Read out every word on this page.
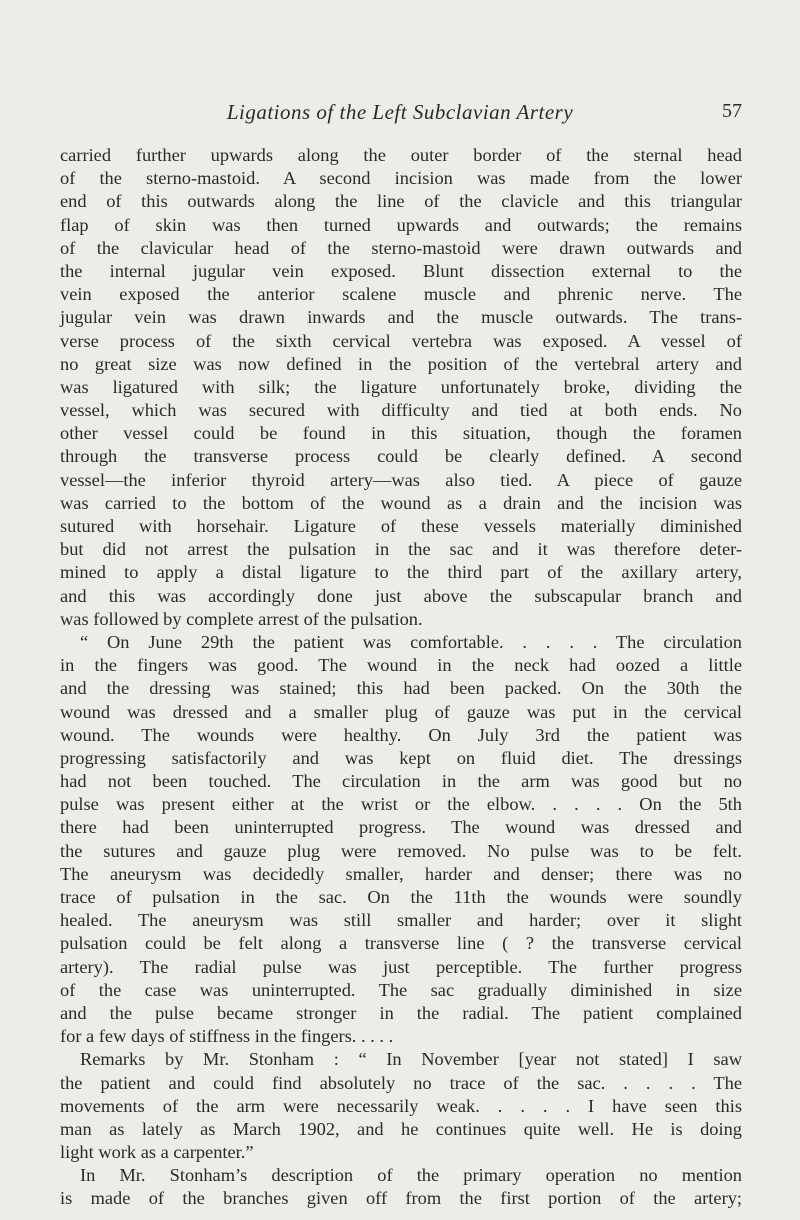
Ligations of the Left Subclavian Artery	57
carried further upwards along the outer border of the sternal head
of the sterno-mastoid. A second incision was made from the lower
end of this outwards along the line of the clavicle and this triangular
flap of skin was then turned upwards and outwards; the remains
of the clavicular head of the sterno-mastoid were drawn outwards and
the internal jugular vein exposed. Blunt dissection external to the
vein exposed the anterior scalene muscle and phrenic nerve. The
jugular vein was drawn inwards and the muscle outwards. The trans-
verse process of the sixth cervical vertebra was exposed. A vessel of
no great size was now defined in the position of the vertebral artery and
was ligatured with silk; the ligature unfortunately broke, dividing the
vessel, which was secured with difficulty and tied at both ends. No
other vessel could be found in this situation, though the foramen
through the transverse process could be clearly defined. A second
vessel—the inferior thyroid artery—was also tied. A piece of gauze
was carried to the bottom of the wound as a drain and the incision was
sutured with horsehair. Ligature of these vessels materially diminished
but did not arrest the pulsation in the sac and it was therefore deter-
mined to apply a distal ligature to the third part of the axillary artery,
and this was accordingly done just above the subscapular branch and
was followed by complete arrest of the pulsation.
“ On June 29th the patient was comfortable. . . . . The circulation
in the fingers was good. The wound in the neck had oozed a little
and the dressing was stained; this had been packed. On the 30th the
wound was dressed and a smaller plug of gauze was put in the cervical
wound. The wounds were healthy. On July 3rd the patient was
progressing satisfactorily and was kept on fluid diet. The dressings
had not been touched. The circulation in the arm was good but no
pulse was present either at the wrist or the elbow. . . . . On the 5th
there had been uninterrupted progress. The wound was dressed and
the sutures and gauze plug were removed. No pulse was to be felt.
The aneurysm was decidedly smaller, harder and denser; there was no
trace of pulsation in the sac. On the 11th the wounds were soundly
healed. The aneurysm was still smaller and harder; over it slight
pulsation could be felt along a transverse line ( ? the transverse cervical
artery). The radial pulse was just perceptible. The further progress
of the case was uninterrupted. The sac gradually diminished in size
and the pulse became stronger in the radial. The patient complained
for a few days of stiffness in the fingers. . . . .
Remarks by Mr. Stonham : “ In November [year not stated] I saw
the patient and could find absolutely no trace of the sac. . . . . The
movements of the arm were necessarily weak. . . . . I have seen this
man as lately as March 1902, and he continues quite well. He is doing
light work as a carpenter.”
In Mr. Stonham’s description of the primary operation no mention
is made of the branches given off from the first portion of the artery;
